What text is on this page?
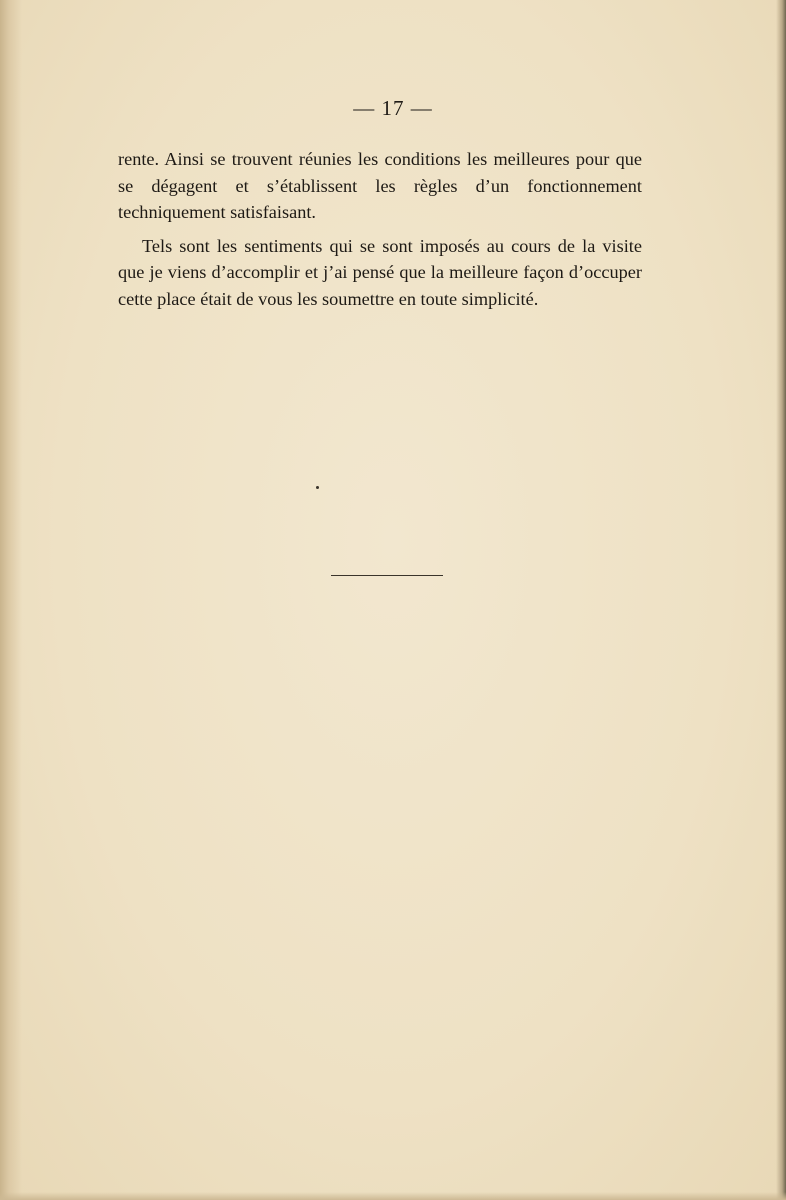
— 17 —

rente. Ainsi se trouvent réunies les conditions les meilleures pour que se dégagent et s’établissent les règles d’un fonctionnement techniquement satisfaisant.

Tels sont les sentiments qui se sont imposés au cours de la visite que je viens d’accomplir et j’ai pensé que la meilleure façon d’occuper cette place était de vous les soumettre en toute simplicité.
